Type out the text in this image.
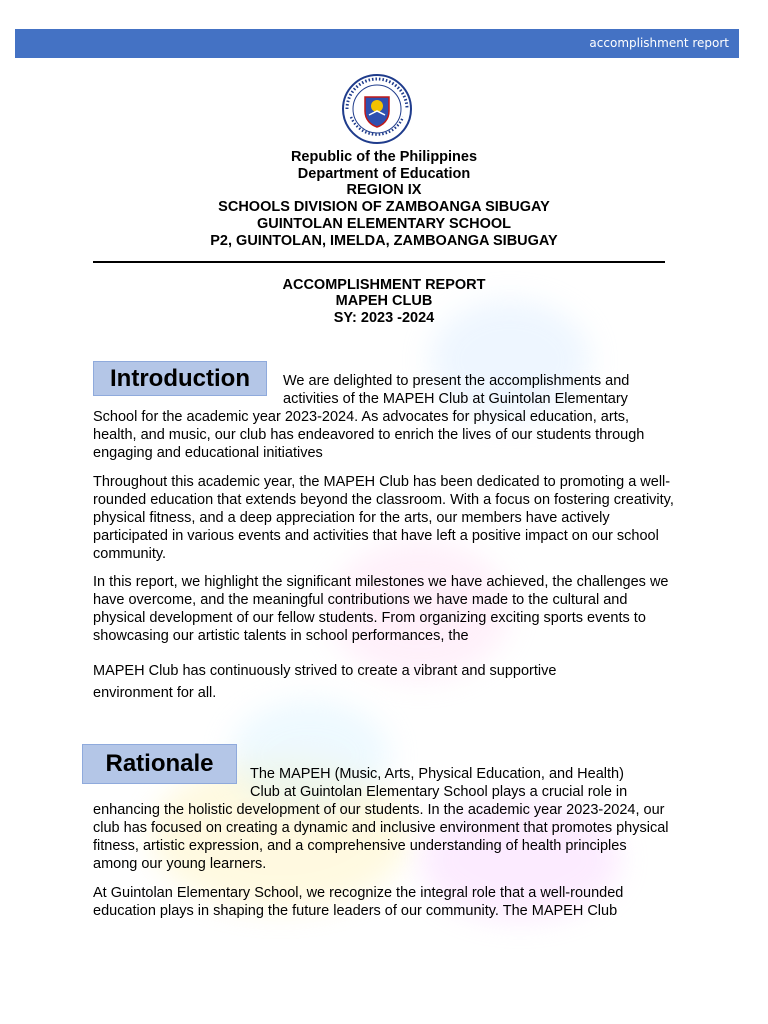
accomplishment report
Republic of the Philippines
Department of Education
REGION IX
SCHOOLS DIVISION OF ZAMBOANGA SIBUGAY
GUINTOLAN ELEMENTARY SCHOOL
P2, GUINTOLAN, IMELDA, ZAMBOANGA SIBUGAY
ACCOMPLISHMENT REPORT
MAPEH CLUB
SY: 2023 -2024
Introduction	We are delighted to present the accomplishments and

activities of the MAPEH Club at Guintolan Elementary

School for the academic year 2023-2024. As advocates for physical education, arts, health, and music, our club has endeavored to enrich the lives of our students through engaging and educational initiatives

Throughout this academic year, the MAPEH Club has been dedicated to promoting a well-rounded education that extends beyond the classroom. With a focus on fostering creativity, physical fitness, and a deep appreciation for the arts, our members have actively participated in various events and activities that have left a positive impact on our school community.

In this report, we highlight the significant milestones we have achieved, the challenges we have overcome, and the meaningful contributions we have made to the cultural and physical development of our fellow students. From organizing exciting sports events to showcasing our artistic talents in school performances, the

MAPEH Club has continuously strived to create a vibrant and supportive environment for all.

Rationale	The MAPEH (Music, Arts, Physical Education, and Health)

Club at Guintolan Elementary School plays a crucial role in

enhancing the holistic development of our students. In the academic year 2023-2024, our club has focused on creating a dynamic and inclusive environment that promotes physical fitness, artistic expression, and a comprehensive understanding of health principles among our young learners.

At Guintolan Elementary School, we recognize the integral role that a well-rounded education plays in shaping the future leaders of our community. The MAPEH Club
